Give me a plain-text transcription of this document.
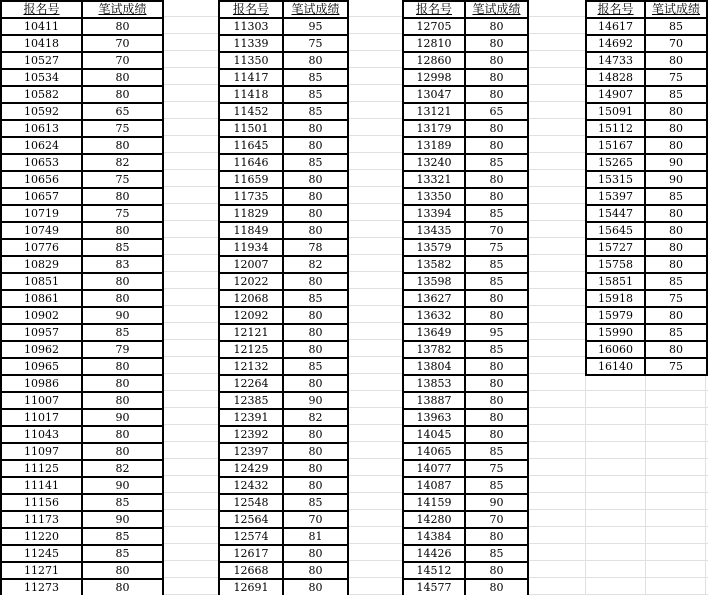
报名号	笔试成绩
10411	80
10418	70
10527	70
10534	80
10582	80
10592	65
10613	75
10624	80
10653	82
10656	75
10657	80
10719	75
10749	80
10776	85
10829	83
10851	80
10861	80
10902	90
10957	85
10962	79
10965	80
10986	80
11007	80
11017	90
11043	80
11097	80
11125	82
11141	90
11156	85
11173	90
11220	85
11245	85
11271	80
11273	80
报名号	笔试成绩
11303	95
11339	75
11350	80
11417	85
11418	85
11452	85
11501	80
11645	80
11646	85
11659	80
11735	80
11829	80
11849	80
11934	78
12007	82
12022	80
12068	85
12092	80
12121	80
12125	80
12132	85
12264	80
12385	90
12391	82
12392	80
12397	80
12429	80
12432	80
12548	85
12564	70
12574	81
12617	80
12668	80
12691	80
报名号	笔试成绩
12705	80
12810	80
12860	80
12998	80
13047	80
13121	65
13179	80
13189	80
13240	85
13321	80
13350	80
13394	85
13435	70
13579	75
13582	85
13598	85
13627	80
13632	80
13649	95
13782	85
13804	80
13853	80
13887	80
13963	80
14045	80
14065	85
14077	75
14087	85
14159	90
14280	70
14384	80
14426	85
14512	80
14577	80
报名号	笔试成绩
14617	85
14692	70
14733	80
14828	75
14907	85
15091	80
15112	80
15167	80
15265	90
15315	90
15397	85
15447	80
15645	80
15727	80
15758	80
15851	85
15918	75
15979	80
15990	85
16060	80
16140	75
